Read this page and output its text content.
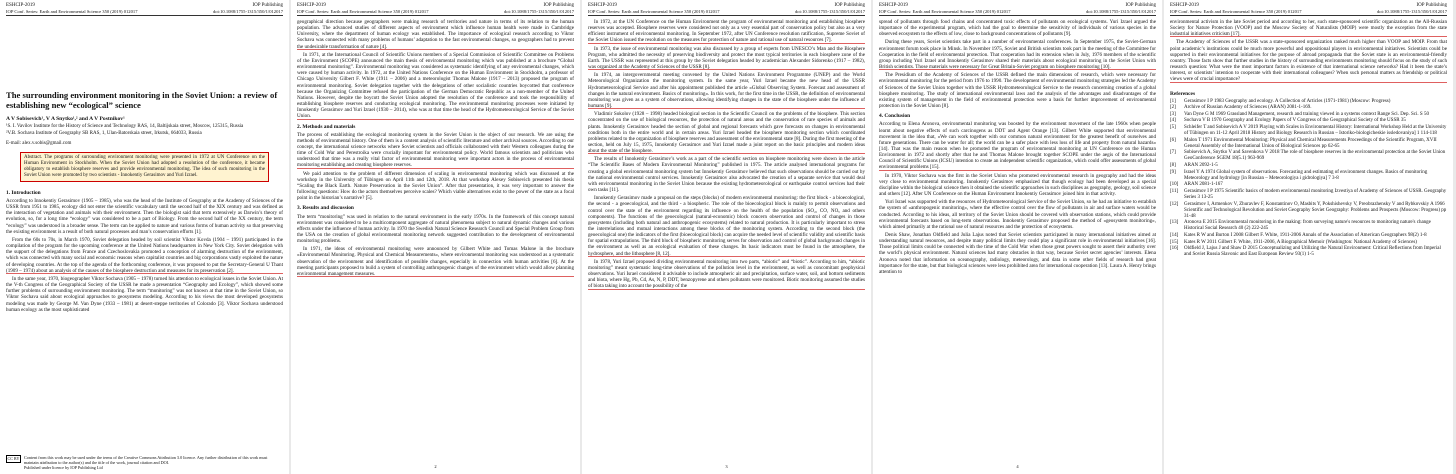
ESHCIP-2019	IOP Publishing
IOP Conf. Series: Earth and Environmental Science 350 (2019) 012017	doi:10.1088/1755-1315/350/1/012017
The surrounding environment monitoring in the Soviet Union: a review of establishing new “ecological” science
A V Sobisevich¹, V A Snytko¹,² and A V Postnikov¹
¹S. I. Vavilov Institute for the History of Science and Technology RAS, 14, Baltijskaia street, Moscow, 125315, Russia
²V.B. Sochava Institute of Geography SB RAS, 1, Ulan-Batorskaia street, Irkutsk, 664033, Russia
E-mail: alex.v.sobis@gmail.com
Abstract. The programs of surrounding environment monitoring were presented in 1972 at UN Conference on the Human Environment in Stockholm. When the Soviet Union had adopted a resolution of the conference, it became obligatory to establish biosphere reserves and provide environmental monitoring. The idea of such monitoring in the Soviet Union were promoted by two scientists - Innokentiy Gerasimov and Yuri Izrael.
1. Introduction

According to Innokentiy Gerasimov (1905 – 1985), who was the head of the Institute of Geography at the Academy of Sciences of the USSR from 1951 to 1985, ecology did not enter the scientific vocabulary until the second half of the XIX century and was defined as the interaction of vegetation and animals with their environment. Then the biologist said that term extensively as Darwin’s theory of evolution, so, for a long time “ecology” was considered to be a part of Biology. From the second half of the XX century, the term “ecology” was understood in a broader sense. The term can be applied to nature and various forms of human activity so that preserving the existing environment is a result of both natural processes and man’s conservation efforts [1].

From the 60s to 70s, in March 1970, Soviet delegation headed by soil scientist Viktor Kovda (1904 – 1991) participated in the compilation of the program for the upcoming conference at the United Nations headquarters in New York City. Soviet delegation with the support of the delegations from France and Czechoslovakia promoted a conception of alarming destruction of the environment, which was connected with many social and economic reasons when capitalist countries and big corporations vastly exploited the nature of developing countries. At the top of the agenda of the forthcoming conference, it was proposed to put the Secretary-General U Thant (1909 – 1974) about an analysis of the causes of the biosphere destruction and measures for its preservation [2].

In the same year, 1970, biogeographer Viktor Sochava (1905 – 1978) turned his attention to ecological issues in the Soviet Union. At the V-th Congress of the Geographical Society of the USSR he made a presentation “Geography and Ecology”, which showed some further problems of surrounding environment monitoring. The term “monitoring” was not known at that time in the Soviet Union, so Viktor Sochava said about ecological approaches to geosystems modeling. According to his views the most developed geosystems modeling was made by George M. Van Dyne (1933 – 1981) at desert-steppe territories of Colorado [3]. Viktor Sochava understood human ecology as the most sophisticated

CC BY	Content from this work may be used under the terms of the Creative Commons Attribution 3.0 licence. Any further distribution of this work must maintain attribution to the author(s) and the title of the work, journal citation and DOI.
Published under licence by IOP Publishing Ltd
ESHCIP-2019	IOP Publishing
IOP Conf. Series: Earth and Environmental Science 350 (2019) 012017	doi:10.1088/1755-1315/350/1/012017

geographical direction because geographers were making research of territories and nature in terms of its relation to the human population. The advanced studies of different aspects of environment which influence human health were made in Cambridge University, where the department of human ecology was established. The importance of ecological research according to Viktor Sochava was connected with many problems of humans’ adaptation to the fast environmental changes, so geographers had to prevent the undesirable transformation of nature [4].

In 1971, at the International Council of Scientific Unions members of a Special Commission of Scientific Committee on Problems of the Environment (SCOPE) announced the main thesis of environmental monitoring which was published at a brochure “Global environmental monitoring”. Environmental monitoring was considered as systematic identifying of any environmental changes, which were caused by human activity. In 1972, at the United Nations Conference on the Human Environment in Stockholm, a professor of Chicago University Gilbert F. White (1911 – 2006) and a meteorologist Thomas Malone (1917 – 2013) proposed the program of environmental monitoring. Soviet delegation together with the delegations of other socialistic countries boycotted that conference because the Organizing Committee refused the participation of the German Democratic Republic as a non-member of the United Nations. However, despite the boycott the Soviet Union adopted the resolution of the conference and took the responsibility of establishing biosphere reserves and conducting ecological monitoring. The environmental monitoring processes were initiated by Innokentiy Gerasimov and Yuri Izrael (1930 – 2014), who was at that time the head of the Hydrometeorological Service of the Soviet Union.

2. Methods and materials

The process of establishing the ecological monitoring system in the Soviet Union is the object of our research. We are using the methods of environmental history. One of them is a content analysis of scientific literature and other archival sources. According to our concept, the international science networks where Soviet scientists and officials collaborated with their Western colleagues during the time of Cold War and Perestroika were crucially important for environmental policy. World famous scientists and politicians who understood that time was a really vital factor of environmental monitoring were important actors in the process of environmental monitoring establishing and creating biosphere reserves.

We paid attention to the problem of different dimension of scaling in environmental monitoring which was discussed at the workshop in the University of Tübingen on April 11th and 12th, 2018. At that workshop Alexey Sobisevich presented his thesis “Scaling the Black Earth. Nature Preservation in the Soviet Union”. After that presentation, it was very important to answer the following questions: How do the actors themselves perceive scales? Which viable alternatives exist to the power of the state as a focal point in the historian’s narrative? [5].

3. Results and discussion

The term “monitoring” was used in relation to the natural environment in the early 1970s. In the framework of this concept natural environment was considered to be a multicomponent aggregate of natural phenomena subject to natural dynamic changes and various effects under the influence of human activity. In 1970 the Swedish Natural Science Research Council and Special Problem Group from the USA on the creation of global environmental monitoring network suggested contribution to the development of environmental monitoring problems.

In 1971, the ideas of environmental monitoring were announced by Gilbert White and Tomas Malone in the brochure «Environmental Monitoring. Physical and Chemical Measurements», where environmental monitoring was understood as a systematic observation of the environment and identification of possible changes, especially in connection with human activities [6]. At the meeting participants proposed to build a system of controlling anthropogenic changes of the environment which would allow planning environmental management measures.

2
ESHCIP-2019	IOP Publishing
IOP Conf. Series: Earth and Environmental Science 350 (2019) 012017	doi:10.1088/1755-1315/350/1/012017

In 1972, at the UN Conference on the Human Environment the program of environmental monitoring and establishing biosphere reserves was accepted. Biosphere reserves were considered not only as a very essential part of conservation policy but also as a very efficient instrument of environmental monitoring. In September 1972, after UN Conference resolution ratification, Supreme Soviet of the Soviet Union issued the resolution on the measures for protection of nature and rational use of natural resources [7].

In 1973, the issue of environmental monitoring was also discussed by a group of experts from UNESCO’s Man and the Biosphere Program, who admitted the necessity of preserving biodiversity and protect the most typical territories in each biosphere zone of the Earth. The USSR was represented at this group by the Soviet delegation headed by academician Alexander Sidorenko (1917 – 1982), was organized at the Academy of Sciences of the USSR [8].

In 1974, an intergovernmental meeting convened by the United Nations Environment Programme (UNEP) and the World Meteorological Organization the monitoring system. In the same year, Yuri Izrael became the new head of the USSR Hydrometeorological Service and after his appointment published the article «Global Observing System. Forecast and assessment of changes in the natural environment. Basics of monitoring». In this work, for the first time in the USSR, the definition of environmental monitoring was given as a system of observations, allowing identifying changes in the state of the biosphere under the influence of humans [9].

Vladimir Sokolov (1928 – 1998) headed biological section in the Scientific Council on the problems of the biosphere. This section concentrated on the use of biological resources, the protection of natural areas and the conservation of rare species of animals and plants. Innokentiy Gerasimov headed the section of global and regional forecasts which gave forecasts on changes in environmental conditions both in the entire world and in certain areas. Yuri Izrael headed the biosphere monitoring section which coordinated problems related to the organization of biosphere reserves and assessment of the environmental state [8]. During the first meeting of the section, held on July 15, 1975, Innokentiy Gerasimov and Yuri Izrael made a joint report on the basic principles and modern ideas about the state of the biosphere.

The results of Innokentiy Gerasimov’s work as a part of the scientific section on biosphere monitoring were shown in the article “The Scientific Bases of Modern Environmental Monitoring” published in 1975. The article analysed international programs for creating a global environmental monitoring system but Innokentiy Gerasimov believed that such observations should be carried out by the national environmental control services. Innokentiy Gerasimov also advocated the creation of a separate service that would deal with environmental monitoring in the Soviet Union because the existing hydrometeorological or earthquake control services had their own tasks [11].

Innokentiy Gerasimov made a proposal on the steps (blocks) of modern environmental monitoring: the first block - a bioecological, the second - a geoecological, and the third - a biospheric. The role of the bioecological block is mainly to permit observations and control over the state of the environment regarding its influence on the health of the population (SO₂, CO, NOₓ and others components). The functions of the geoecological (natural-economic) block concern observation and control of changes in those geosystems (including both natural and anthropogenic ecosystems) related to natural production. It is particularly important to stress the interrelations and mutual interactions among these blocks of the monitoring system. According to the second block (the geoecological one) the indicators of the first (bioecological block) can acquire the needed level of scientific validity and scientific basis for spatial extrapolations. The third block of biospheric monitoring serves for observation and control of global background changes in the environment as well as an ecological evaluation of these changes. Its basic indicators must be found in the atmosphere, the hydrosphere, and the lithosphere [8, 12].

In 1978, Yuri Izrael proposed dividing environmental monitoring into two parts, “abiotic” and “biotic”. According to him, “abiotic monitoring” meant systematic long-time observations of the pollution level in the environment, as well as concomitant geophysical observations. Yuri Israel considered it advisable to include atmospheric air and precipitation, surface water, soil, and bottom sediments and biota, where Hg, Pb, Cd, As, N, P, DDT, benzopyrene and others pollutants were monitored. Biotic monitoring assumed the studies of biota taking into account the possibility of the

3
ESHCIP-2019	IOP Publishing
IOP Conf. Series: Earth and Environmental Science 350 (2019) 012017	doi:10.1088/1755-1315/350/1/012017

spread of pollutants through food chains and concentrated toxic effects of pollutants on ecological systems. Yuri Izrael argued the importance of the experimental program, which had the goal to determine the sensitivity of individuals of various species in the observed ecosystem to the effects of low, close to background concentrations of pollutants [9].

During these years, Soviet scientists take part in a number of environmental conferences. In September 1975, the Soviet-German environment forum took place in Minsk. In November 1975, Soviet and British scientists took part in the meeting of the Committee for Cooperation in the field of environmental protection. That cooperation had its extension when in July, 1976 members of the scientific group including Yuri Izrael and Innokentiy Gerasimov shared their materials about ecological monitoring in the Soviet Union with British scientists. Those materials were necessary for Great Britain-Soviet program on biosphere monitoring [10].

The Presidium of the Academy of Sciences of the USSR defined the main dimensions of research, which were necessary for environmental monitoring for the period from 1976 to 1990. The development of environmental monitoring strategies led the Academy of Sciences of the Soviet Union together with the USSR Hydrometeorological Service to the research concerning creation of a global biosphere monitoring. The study of international environmental laws and the analysis of the advantages and disadvantages of the existing system of management in the field of environmental protection were a basis for further improvement of environmental protection in the Soviet Union [8].

4. Conclusion

According to Elena Aronova, environmental monitoring was boosted by the environment movement of the late 1960s when people learnt about negative effects of such carcinogens as DDT and Agent Orange [13]. Gilbert White supported that environmental movement in the idea that, «We can work together with our common natural environment for the greatest benefit of ourselves and future generations. There can be water for all; the world can be a safer place with less loss of life and property from natural hazards» [14]. That was the main reason when he promoted the program of environmental monitoring at UN Conference on the Human Environment in 1972 and shortly after that he and Thomas Malone brought together SCOPE under the aegis of the International Council of Scientific Unions (ICSU) intention to create an independent scientific organization, which could offer assessments of global environmental problems [15].

In 1970, Viktor Sochava was the first in the Soviet Union who promoted environmental research in geography and had the ideas very close to environmental monitoring. Innokentiy Gerasimov emphasized that though ecology had been developed as a special discipline within the biological science then it obtained the scientific approaches in such disciplines as geography, geology, soil science and others [12]. After UN Conference on the Human Environment Innokentiy Gerasimov joined him in that activity.

Yuri Israel was supported with the resources of Hydrometeorological Service of the Soviet Union, so he had an initiative to establish the system of «anthropogenic monitoring», where the effective control over the flow of pollutants in air and surface waters would be conducted. According to his ideas, all territory of the Soviet Union should be covered with observation stations, which could provide environmental forecasts based on long-term observations. Innokentiy Gerasimov proposed the method of «geosystem monitoring», which aimed primarily at the rational use of natural resources and the protection of ecosystems.

Denis Shaw, Jonathan Oldfield and Julia Lajus noted that Soviet scientists participated in many international initiatives aimed at understanding natural resources, and despite many political limits they could play a significant role in environmental initiatives [16]. Those political limits could be connected with the time of the Cold War when those great powers sought to assert their authority over the world’s physical environment. Natural sciences had many obstacles in that way, because Soviet secret agencies’ interests. Elena Aronova noted that information on oceanography, radiology, meteorology, and data in some other fields of research had great importance for the state, but that biological sciences were less prohibited area for international cooperation [13]. Laura A. Henry brings attention to

4
ESHCIP-2019	IOP Publishing
IOP Conf. Series: Earth and Environmental Science 350 (2019) 012017	doi:10.1088/1755-1315/350/1/012017

environmental activism in the late Soviet period and according to her, such state-sponsored scientific organization as the All-Russian Society for Nature Protection (VOOP) and the Moscow Society of Naturalists (MOIP) were mostly the exception from the state industrial initiatives criticism [17].

The Academy of Sciences of the USSR was a state-sponsored organization ranked much higher than VOOP and MOIP. From that point academic’s institutions could be much more powerful and oppositional players in environmental initiatives. Scientists could be supported in their environmental initiatives for the purpose of abroad propaganda that the Soviet state is an environmental-friendly country. Those facts show that further studies in the history of surrounding environments monitoring should focus on the study of such research question: What were the most important factors in existence of that international science networks? Had it been the state’s interest, or scientists’ intention to cooperate with their international colleagues? When such personal matters as friendship or political views were of crucial importance?

References
[1]	Gerasimov I P 1983 Geography and ecology. A Collection of Articles (1971-1981) (Moscow: Progress)
[2]	Archive of Russian Academy of Sciences (ARAN) 2081-1-169.
[3]	Van Dyne G M 1969 Grassland Management, research and training viewed in a systems context Range Sci. Dep. Sci. S 50
[4]	Sochava V B 1970 Geography and Ecology Papers of V Congress of the Geographical Society of the USSR 35
[5]	Schleifer T and Sobisevich A V 2019 Playing with Scales in Environmental History: International Workshop Held at the University of Tübingen on 11-12 April 2018 History and Biology Research in Russian – Istoriko-biologicheskie issledovaniya] 1 114-118
[6]	Malon T 1971 Environmental Monitoring: Physical and Chemical Measurements Proceedings of the Scientific Program, XVII General Assembly of the International Union of Biological Sciences pp 62-65
[7]	Sobisevich A, Snytko V and Savenkova V 2018 The role of biosphere reserves in the environmental protection at the Soviet Union GeoConference SGEM 18(5.1) 963-969
[8]	ARAN 2092-1-5
[9]	Israel Y A 1974 Global system of observations. Forecasting and estimating of environment changes. Basics of monitoring Meteorology and hydrology [in Russian – Meteorologiya i gidrologiya] 7 3-8
[10]	ARAN 2081-1-167
[11]	Gerasimov I P 1975 Scientific basics of modern environmental monitoring Izvestiya of Academy of Sciences of USSR. Geography Series 3 13-25
[12]	Gerasimov I, Armenkov V, Zhuravlev F, Konstantinov O, Masbits Y, Pokshishevsky V, Preobrazhensky V and Rybkovskiy A 1966 Scientific and Technological Revolution and Soviet Geography Soviet Geography: Problems and Prospects (Moscow: Progress) pp 31-48
[13]	Aronova E 2015 Environmental monitoring in the making: from surveying nature's resources to monitoring nature's change Historical Social Research 40 (2) 222-245
[14]	Kates R W and Burton I 2008 Gilbert F. White, 1911-2006 Annals of the Association of American Geographers 98(2) 1-8
[15]	Kates R W 2011 Gilbert F. White, 1911-2006, A Biographical Memoir (Washington: National Academy of Sciences)
[16]	Oldfield J, Lajus J and Shaw D 2015 Conceptualizing and Utilizing the Natural Environment: Critical Reflections from Imperial and Soviet Russia Slavonic and East European Review 93(1) 1-5
